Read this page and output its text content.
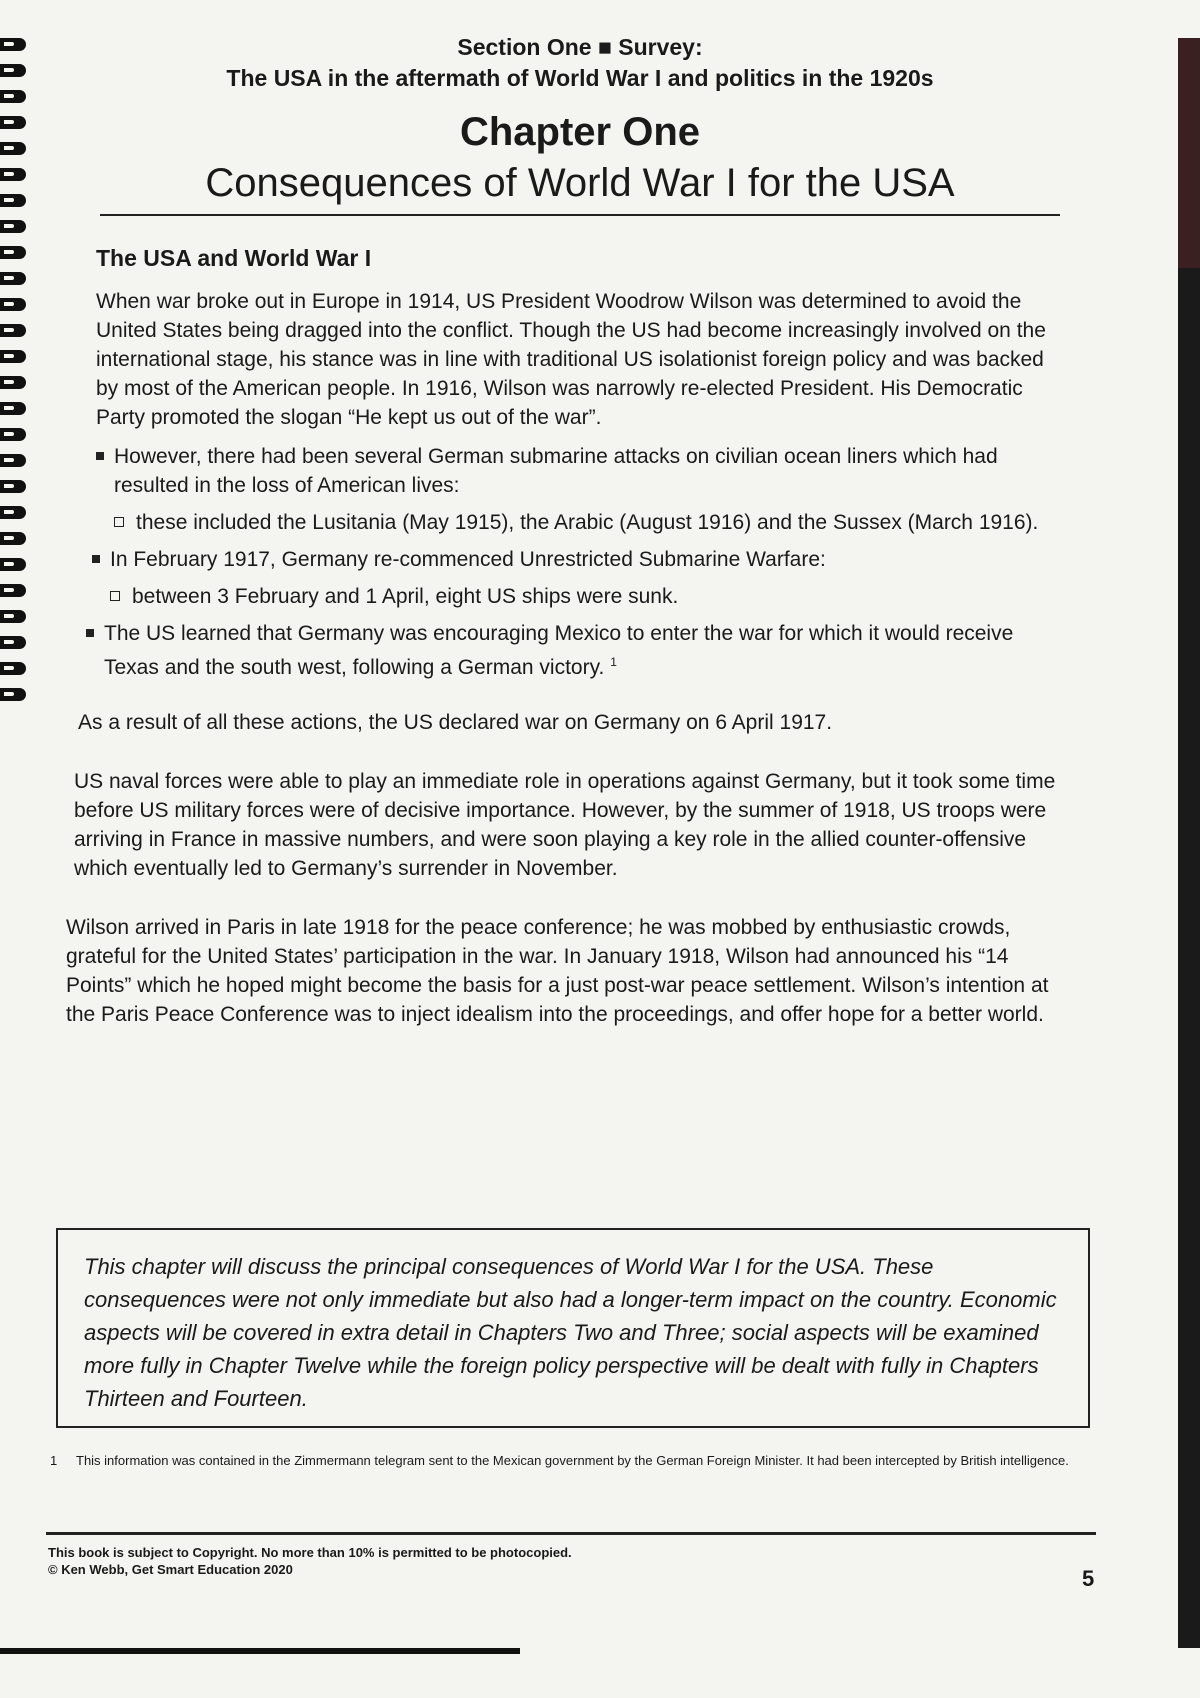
Section One ■ Survey:

The USA in the aftermath of World War I and politics in the 1920s

Chapter One

Consequences of World War I for the USA

The USA and World War I

When war broke out in Europe in 1914, US President Woodrow Wilson was determined to avoid the United States being dragged into the conflict. Though the US had become increasingly involved on the international stage, his stance was in line with traditional US isolationist foreign policy and was backed by most of the American people. In 1916, Wilson was narrowly re-elected President. His Democratic Party promoted the slogan “He kept us out of the war”.

However, there had been several German submarine attacks on civilian ocean liners which had resulted in the loss of American lives:
these included the Lusitania (May 1915), the Arabic (August 1916) and the Sussex (March 1916).
In February 1917, Germany re-commenced Unrestricted Submarine Warfare:
between 3 February and 1 April, eight US ships were sunk.
The US learned that Germany was encouraging Mexico to enter the war for which it would receive Texas and the south west, following a German victory. $^1$

As a result of all these actions, the US declared war on Germany on 6 April 1917.

US naval forces were able to play an immediate role in operations against Germany, but it took some time before US military forces were of decisive importance. However, by the summer of 1918, US troops were arriving in France in massive numbers, and were soon playing a key role in the allied counter-offensive which eventually led to Germany’s surrender in November.

Wilson arrived in Paris in late 1918 for the peace conference; he was mobbed by enthusiastic crowds, grateful for the United States’ participation in the war. In January 1918, Wilson had announced his “14 Points” which he hoped might become the basis for a just post-war peace settlement. Wilson’s intention at the Paris Peace Conference was to inject idealism into the proceedings, and offer hope for a better world.

This chapter will discuss the principal consequences of World War I for the USA. These consequences were not only immediate but also had a longer-term impact on the country. Economic aspects will be covered in extra detail in Chapters Two and Three; social aspects will be examined more fully in Chapter Twelve while the foreign policy perspective will be dealt with fully in Chapters Thirteen and Fourteen.
1 This information was contained in the Zimmermann telegram sent to the Mexican government by the German Foreign Minister. It had been intercepted by British intelligence.
This book is subject to Copyright. No more than 10% is permitted to be photocopied.
© Ken Webb, Get Smart Education 2020	5
